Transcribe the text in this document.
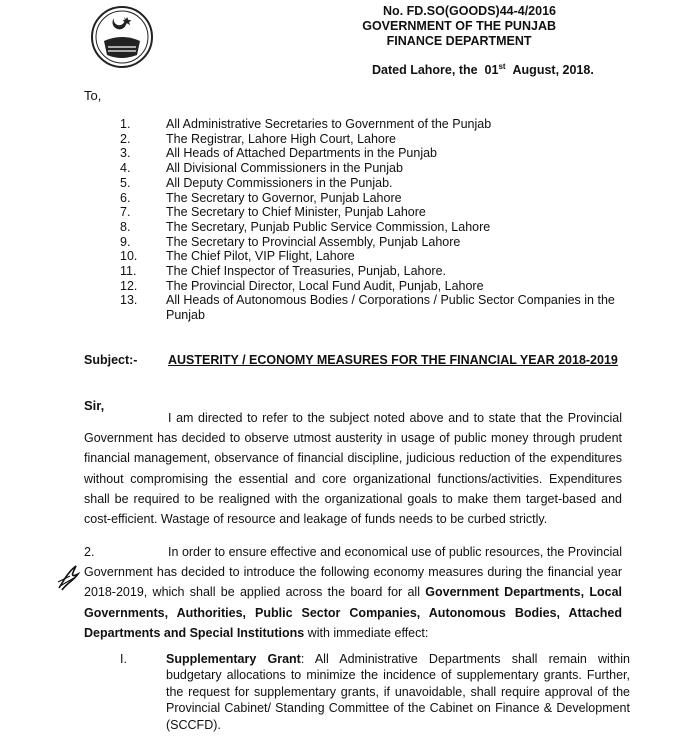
No. FD.SO(GOODS)44-4/2016
GOVERNMENT OF THE PUNJAB
FINANCE DEPARTMENT
Dated Lahore, the 01st August, 2018.
To,
1.	All Administrative Secretaries to Government of the Punjab
2.	The Registrar, Lahore High Court, Lahore
3.	All Heads of Attached Departments in the Punjab
4.	All Divisional Commissioners in the Punjab
5.	All Deputy Commissioners in the Punjab.
6.	The Secretary to Governor, Punjab Lahore
7.	The Secretary to Chief Minister, Punjab Lahore
8.	The Secretary, Punjab Public Service Commission, Lahore
9.	The Secretary to Provincial Assembly, Punjab Lahore
10.	The Chief Pilot, VIP Flight, Lahore
11.	The Chief Inspector of Treasuries, Punjab, Lahore.
12.	The Provincial Director, Local Fund Audit, Punjab, Lahore
13.	All Heads of Autonomous Bodies / Corporations / Public Sector Companies in the Punjab
Subject:- AUSTERITY / ECONOMY MEASURES FOR THE FINANCIAL YEAR 2018-2019
Sir,
I am directed to refer to the subject noted above and to state that the Provincial Government has decided to observe utmost austerity in usage of public money through prudent financial management, observance of financial discipline, judicious reduction of the expenditures without compromising the essential and core organizational functions/activities. Expenditures shall be required to be realigned with the organizational goals to make them target-based and cost-efficient. Wastage of resource and leakage of funds needs to be curbed strictly.
2.	In order to ensure effective and economical use of public resources, the Provincial Government has decided to introduce the following economy measures during the financial year 2018-2019, which shall be applied across the board for all Government Departments, Local Governments, Authorities, Public Sector Companies, Autonomous Bodies, Attached Departments and Special Institutions with immediate effect:
I.	Supplementary Grant: All Administrative Departments shall remain within budgetary allocations to minimize the incidence of supplementary grants. Further, the request for supplementary grants, if unavoidable, shall require approval of the Provincial Cabinet/ Standing Committee of the Cabinet on Finance & Development (SCCFD).
